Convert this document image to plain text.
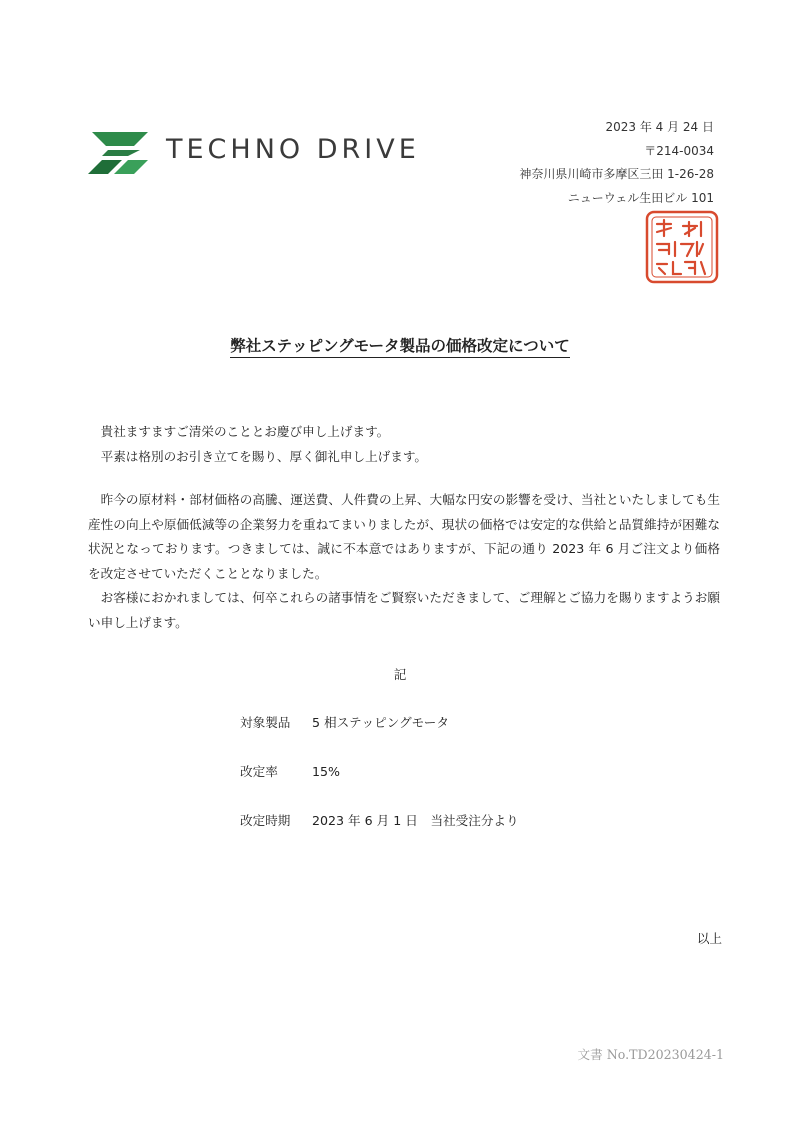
TECHNO DRIVE
2023 年 4 月 24 日
〒214-0034
神奈川県川崎市多摩区三田 1-26-28
ニューウェル生田ビル 101
弊社ステッピングモータ製品の価格改定について

貴社ますますご清栄のこととお慶び申し上げます。

平素は格別のお引き立てを賜り、厚く御礼申し上げます。

昨今の原材料・部材価格の高騰、運送費、人件費の上昇、大幅な円安の影響を受け、当社といたしましても生産性の向上や原価低減等の企業努力を重ねてまいりましたが、現状の価格では安定的な供給と品質維持が困難な状況となっております。つきましては、誠に不本意ではありますが、下記の通り 2023 年 6 月ご注文より価格を改定させていただくこととなりました。

お客様におかれましては、何卒これらの諸事情をご賢察いただきまして、ご理解とご協力を賜りますようお願い申し上げます。

記
対象製品 5 相ステッピングモータ
改定率	15%
改定時期 2023 年 6 月 1 日　当社受注分より
以上
文書 No.TD20230424-1
